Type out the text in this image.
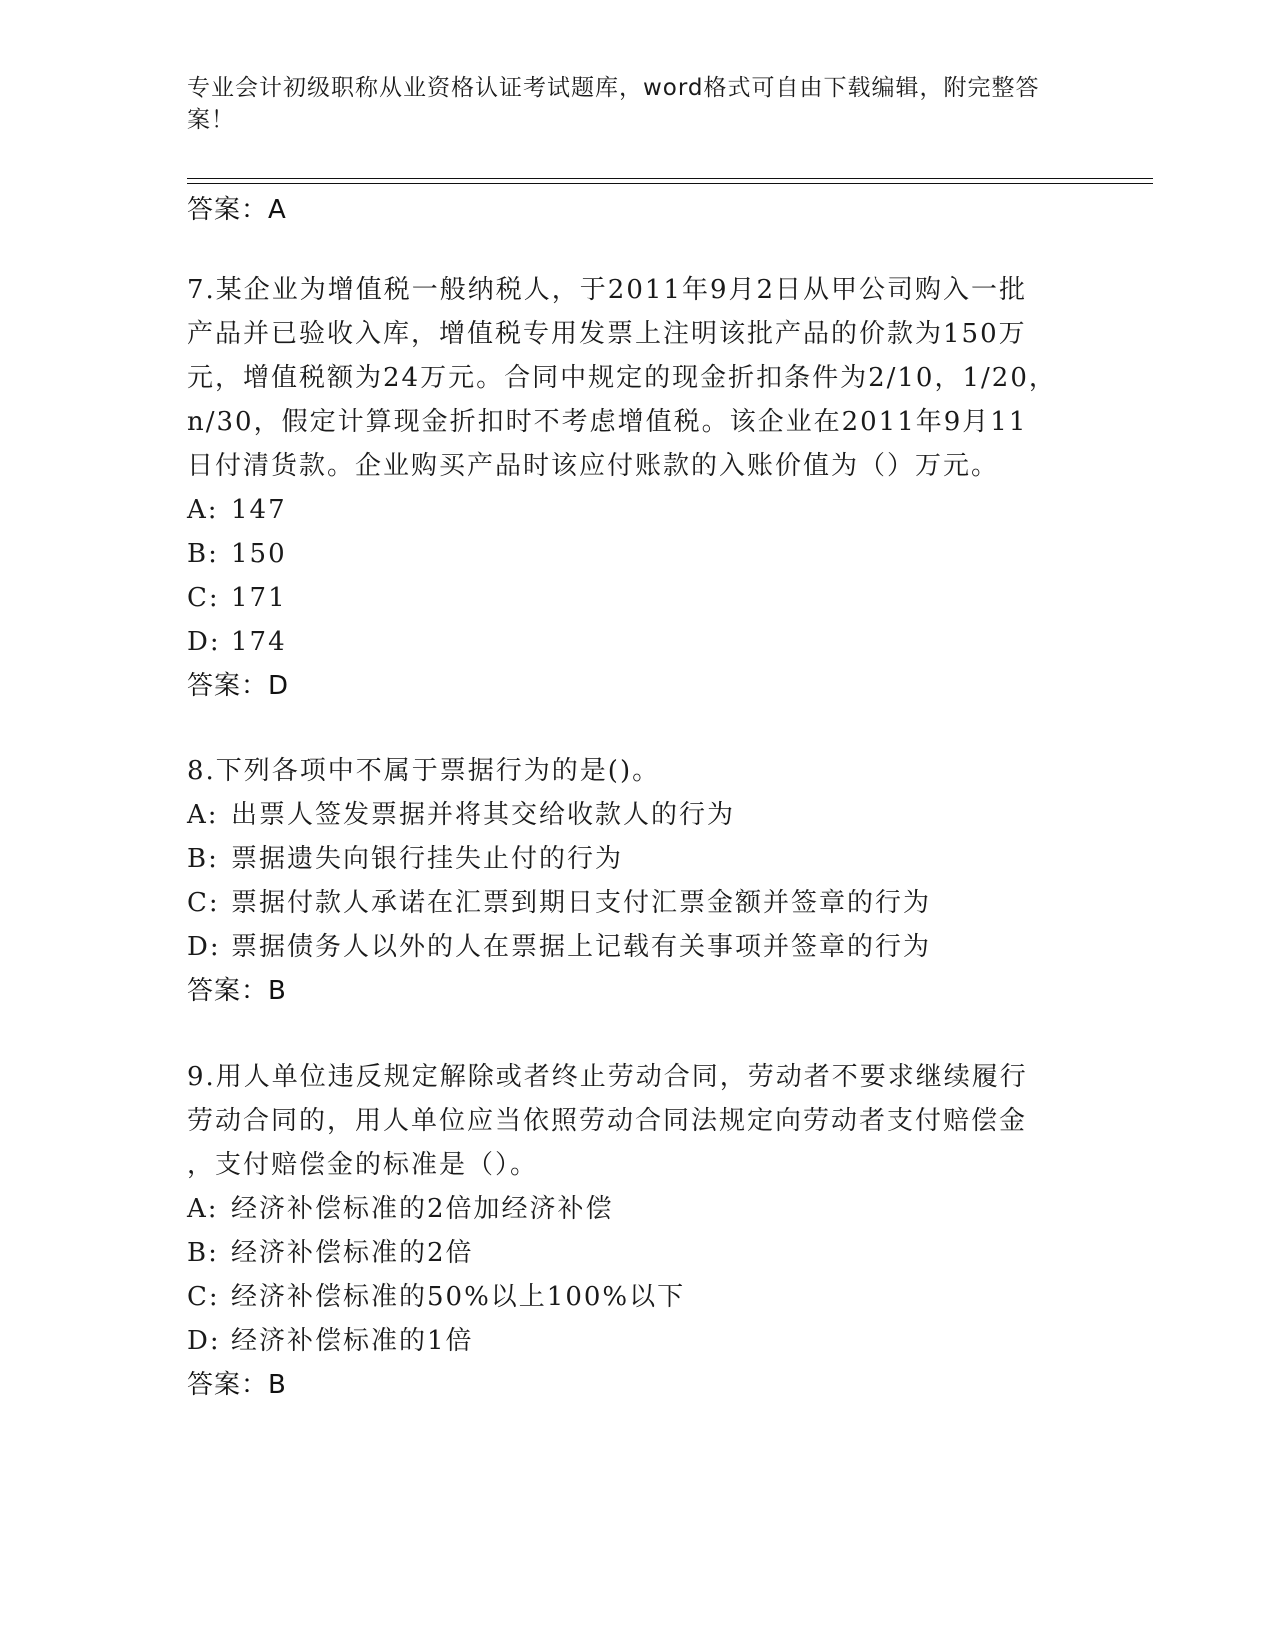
专业会计初级职称从业资格认证考试题库，word格式可自由下载编辑，附完整答
案！
答案：A
7.某企业为增值税一般纳税人，于2011年9月2日从甲公司购入一批
产品并已验收入库，增值税专用发票上注明该批产品的价款为150万
元，增值税额为24万元。合同中规定的现金折扣条件为2/10，1/20，
n/30，假定计算现金折扣时不考虑增值税。该企业在2011年9月11
日付清货款。企业购买产品时该应付账款的入账价值为（）万元。
A: 147
B: 150
C: 171
D: 174
答案：D
8.下列各项中不属于票据行为的是()。
A: 出票人签发票据并将其交给收款人的行为
B: 票据遗失向银行挂失止付的行为
C: 票据付款人承诺在汇票到期日支付汇票金额并签章的行为
D: 票据债务人以外的人在票据上记载有关事项并签章的行为
答案：B
9.用人单位违反规定解除或者终止劳动合同，劳动者不要求继续履行
劳动合同的，用人单位应当依照劳动合同法规定向劳动者支付赔偿金
，支付赔偿金的标准是（）。
A: 经济补偿标准的2倍加经济补偿
B: 经济补偿标准的2倍
C: 经济补偿标准的50%以上100%以下
D: 经济补偿标准的1倍
答案：B
